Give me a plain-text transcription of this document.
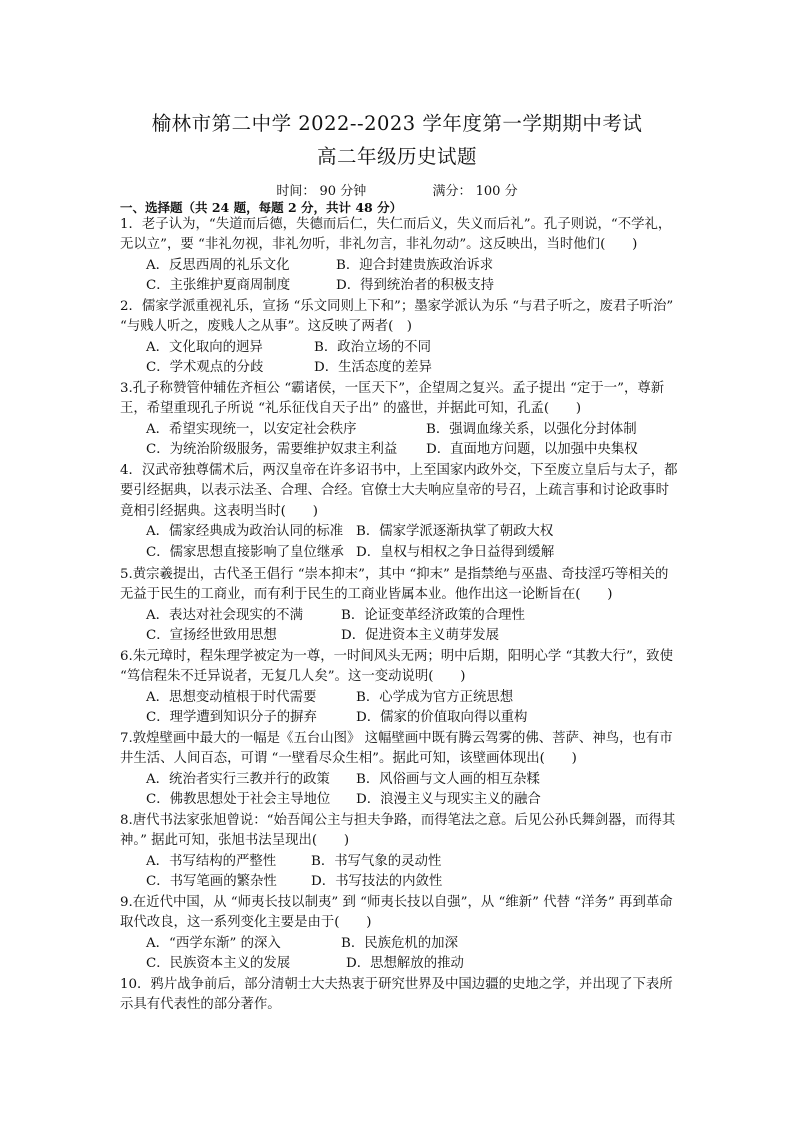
榆林市第二中学 2022--2023 学年度第一学期期中考试
高二年级历史试题
时间： 90 分钟	满分： 100 分
一、选择题（共 24 题，每题 2 分，共计 48 分）
1．老子认为，“失道而后德，失德而后仁，失仁而后义，失义而后礼”。孔子则说，“不学礼，无以立”，要 “非礼勿视，非礼勿听，非礼勿言，非礼勿动”。这反映出，当时他们(　　)
A．反思西周的礼乐文化	B．迎合封建贵族政治诉求
C．主张维护夏商周制度	D．得到统治者的积极支持
2．儒家学派重视礼乐，宣扬 “乐文同则上下和”；墨家学派认为乐 “与君子听之，废君子听治” “与贱人听之，废贱人之从事”。这反映了两者(　)
A．文化取向的迥异	B．政治立场的不同
C．学术观点的分歧	D．生活态度的差异
3.孔子称赞管仲辅佐齐桓公 “霸诸侯，一匡天下”，企望周之复兴。孟子提出 “定于一”，尊新王，希望重现孔子所说 “礼乐征伐自天子出” 的盛世，并据此可知，孔孟(　　)
A．希望实现统一，以安定社会秩序	B．强调血缘关系，以强化分封体制
C．为统治阶级服务，需要维护奴隶主利益	D．直面地方问题，以加强中央集权
4．汉武帝独尊儒术后，两汉皇帝在许多诏书中，上至国家内政外交，下至废立皇后与太子，都要引经据典，以表示法圣、合理、合经。官僚士大夫响应皇帝的号召，上疏言事和讨论政事时竟相引经据典。这表明当时(　　)
A．儒家经典成为政治认同的标准 B．儒家学派逐渐执掌了朝政大权
C．儒家思想直接影响了皇位继承 D．皇权与相权之争日益得到缓解
5.黄宗羲提出，古代圣王倡行 “崇本抑末”，其中 “抑末” 是指禁绝与巫蛊、奇技淫巧等相关的无益于民生的工商业，而有利于民生的工商业皆属本业。他作出这一论断旨在(　　)
A．表达对社会现实的不满	B．论证变革经济政策的合理性
C．宣扬经世致用思想	D．促进资本主义萌芽发展
6.朱元璋时，程朱理学被定为一尊，一时间风头无两；明中后期，阳明心学 “其教大行”，致使 “笃信程朱不迁异说者，无复几人矣”。这一变动说明(　　)
A．思想变动植根于时代需要	B．心学成为官方正统思想
C．理学遭到知识分子的摒弃	D．儒家的价值取向得以重构
7.敦煌壁画中最大的一幅是《五台山图》 这幅壁画中既有腾云驾雾的佛、菩萨、神鸟，也有市井生活、人间百态，可谓 “一壁看尽众生相”。据此可知，该壁画体现出(　　)
A．统治者实行三教并行的政策	B．风俗画与文人画的相互杂糅
C．佛教思想处于社会主导地位	D．浪漫主义与现实主义的融合
8.唐代书法家张旭曾说：“始吾闻公主与担夫争路，而得笔法之意。后见公孙氏舞剑器，而得其神。” 据此可知，张旭书法呈现出(　　)
A．书写结构的严整性	B．书写气象的灵动性
C．书写笔画的繁杂性	D．书写技法的内敛性
9.在近代中国，从 “师夷长技以制夷” 到 “师夷长技以自强”，从 “维新” 代替 “洋务” 再到革命取代改良，这一系列变化主要是由于(　　)
A．“西学东渐” 的深入	B．民族危机的加深
C．民族资本主义的发展	D．思想解放的推动
10．鸦片战争前后，部分清朝士大夫热衷于研究世界及中国边疆的史地之学，并出现了下表所示具有代表性的部分著作。
